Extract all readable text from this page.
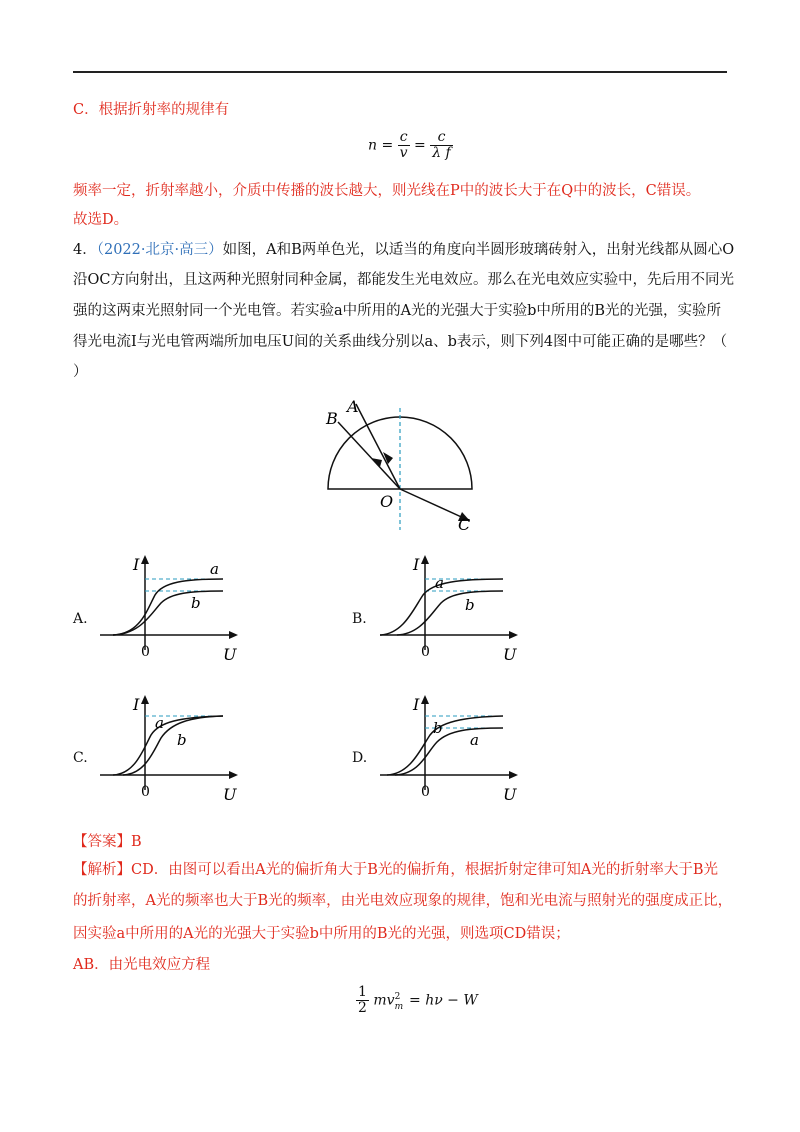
C．根据折射率的规律有
$n = \frac{c}{v} = \frac{c}{\text{λ f}}$
频率一定，折射率越小，介质中传播的波长越大，则光线在P中的波长大于在Q中的波长，C错误。
故选D。
4．（2022·北京·高三）如图，A和B两单色光，以适当的角度向半圆形玻璃砖射入，出射光线都从圆心O
沿OC方向射出，且这两种光照射同种金属，都能发生光电效应。那么在光电效应实验中，先后用不同光
强的这两束光照射同一个光电管。若实验a中所用的A光的光强大于实验b中所用的B光的光强，实验所
得光电流I与光电管两端所加电压U间的关系曲线分别以a、b表示，则下列4图中可能正确的是哪些？（
）
A
B
O
C
A.
I
U
0
a
b
B.
I
U
0
a
b
C.
I
U
0
a
b
D.
I
U
0
b
a
【答案】B
【解析】CD．由图可以看出A光的偏折角大于B光的偏折角，根据折射定律可知A光的折射率大于B光
的折射率，A光的频率也大于B光的频率，由光电效应现象的规律，饱和光电流与照射光的强度成正比，
因实验a中所用的A光的光强大于实验b中所用的B光的光强，则选项CD错误；
AB．由光电效应方程
$\frac{1}{2}$ mv 2
m = hν − W
